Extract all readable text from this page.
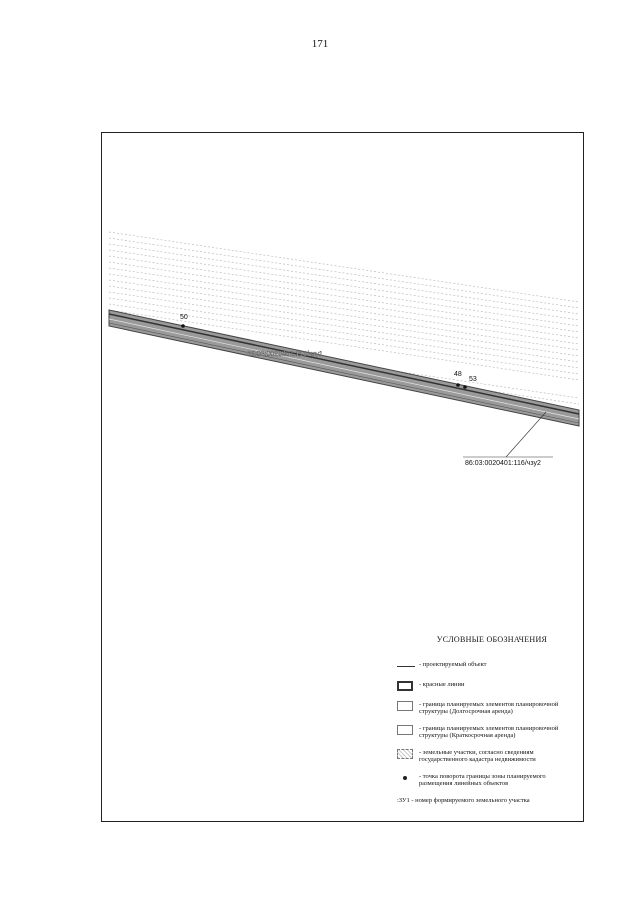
171
50
48
53
86:03:0020401:116/чзу2
86:03:0020401:116/чзу1
УСЛОВНЫЕ ОБОЗНАЧЕНИЯ
- проектируемый объект
- красные линии
- граница планируемых элементов планировочной структуры (Долгосрочная аренда)
- граница планируемых элементов планировочной структуры (Краткосрочная аренда)
- земельные участки, согласно сведениям государственного кадастра недвижимости
- точка поворота границы зоны планируемого размещения линейных объектов
:ЗУ1 - номер формируемого земельного участка
